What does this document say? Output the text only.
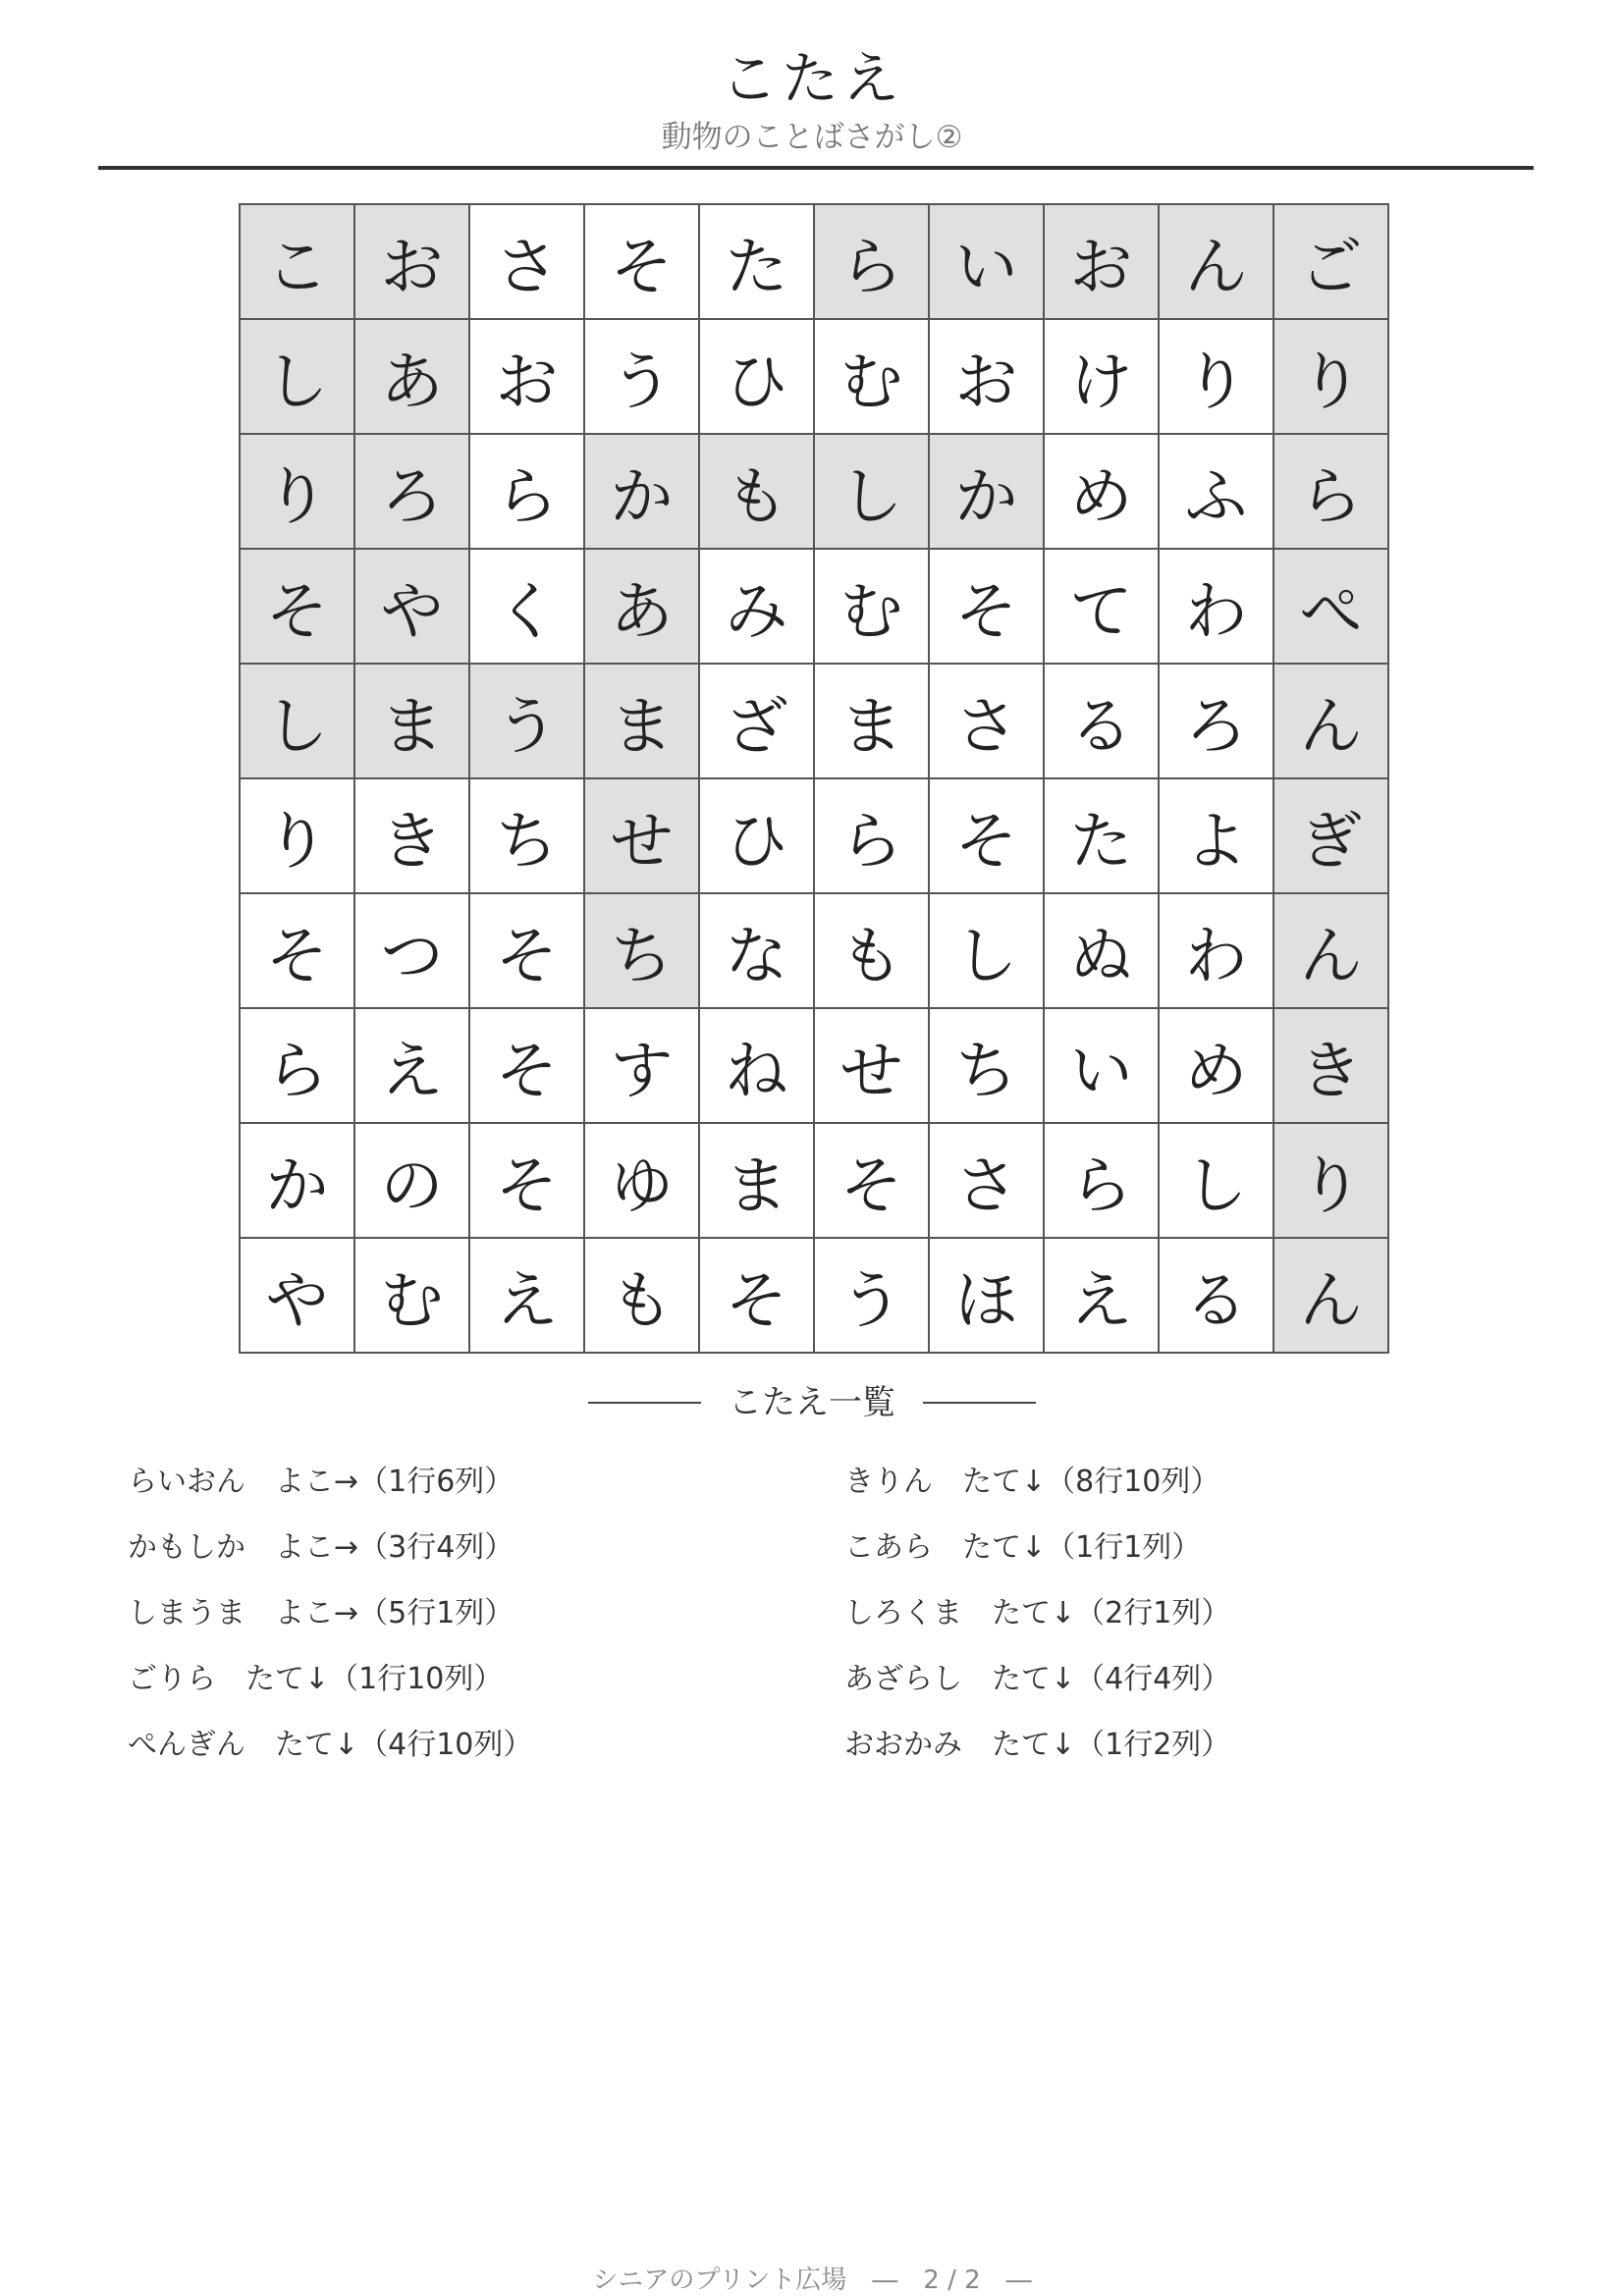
こたえ
動物のことばさがし②
こ お さ そ た ら い お ん ご
し あ お う ひ む お け り り
り ろ ら か も し か め ふ ら
そ や く あ み む そ て わ ぺ
し ま う ま ざ ま さ る ろ ん
り き ち せ ひ ら そ た よ ぎ
そ つ そ ち な も し ぬ わ ん
ら え そ す ね せ ち い め き
か の そ ゆ ま そ さ ら し り
や む え も そ う ほ え る ん
こたえ一覧
らいおん　よこ→（1行6列）	きりん　たて↓（8行10列）
かもしか　よこ→（3行4列）	こあら　たて↓（1行1列）
しまうま　よこ→（5行1列）	しろくま　たて↓（2行1列）
ごりら　たて↓（1行10列）	あざらし　たて↓（4行4列）
ぺんぎん　たて↓（4行10列）	おおかみ　たて↓（1行2列）
シニアのプリント広場　―　2 / 2　―
